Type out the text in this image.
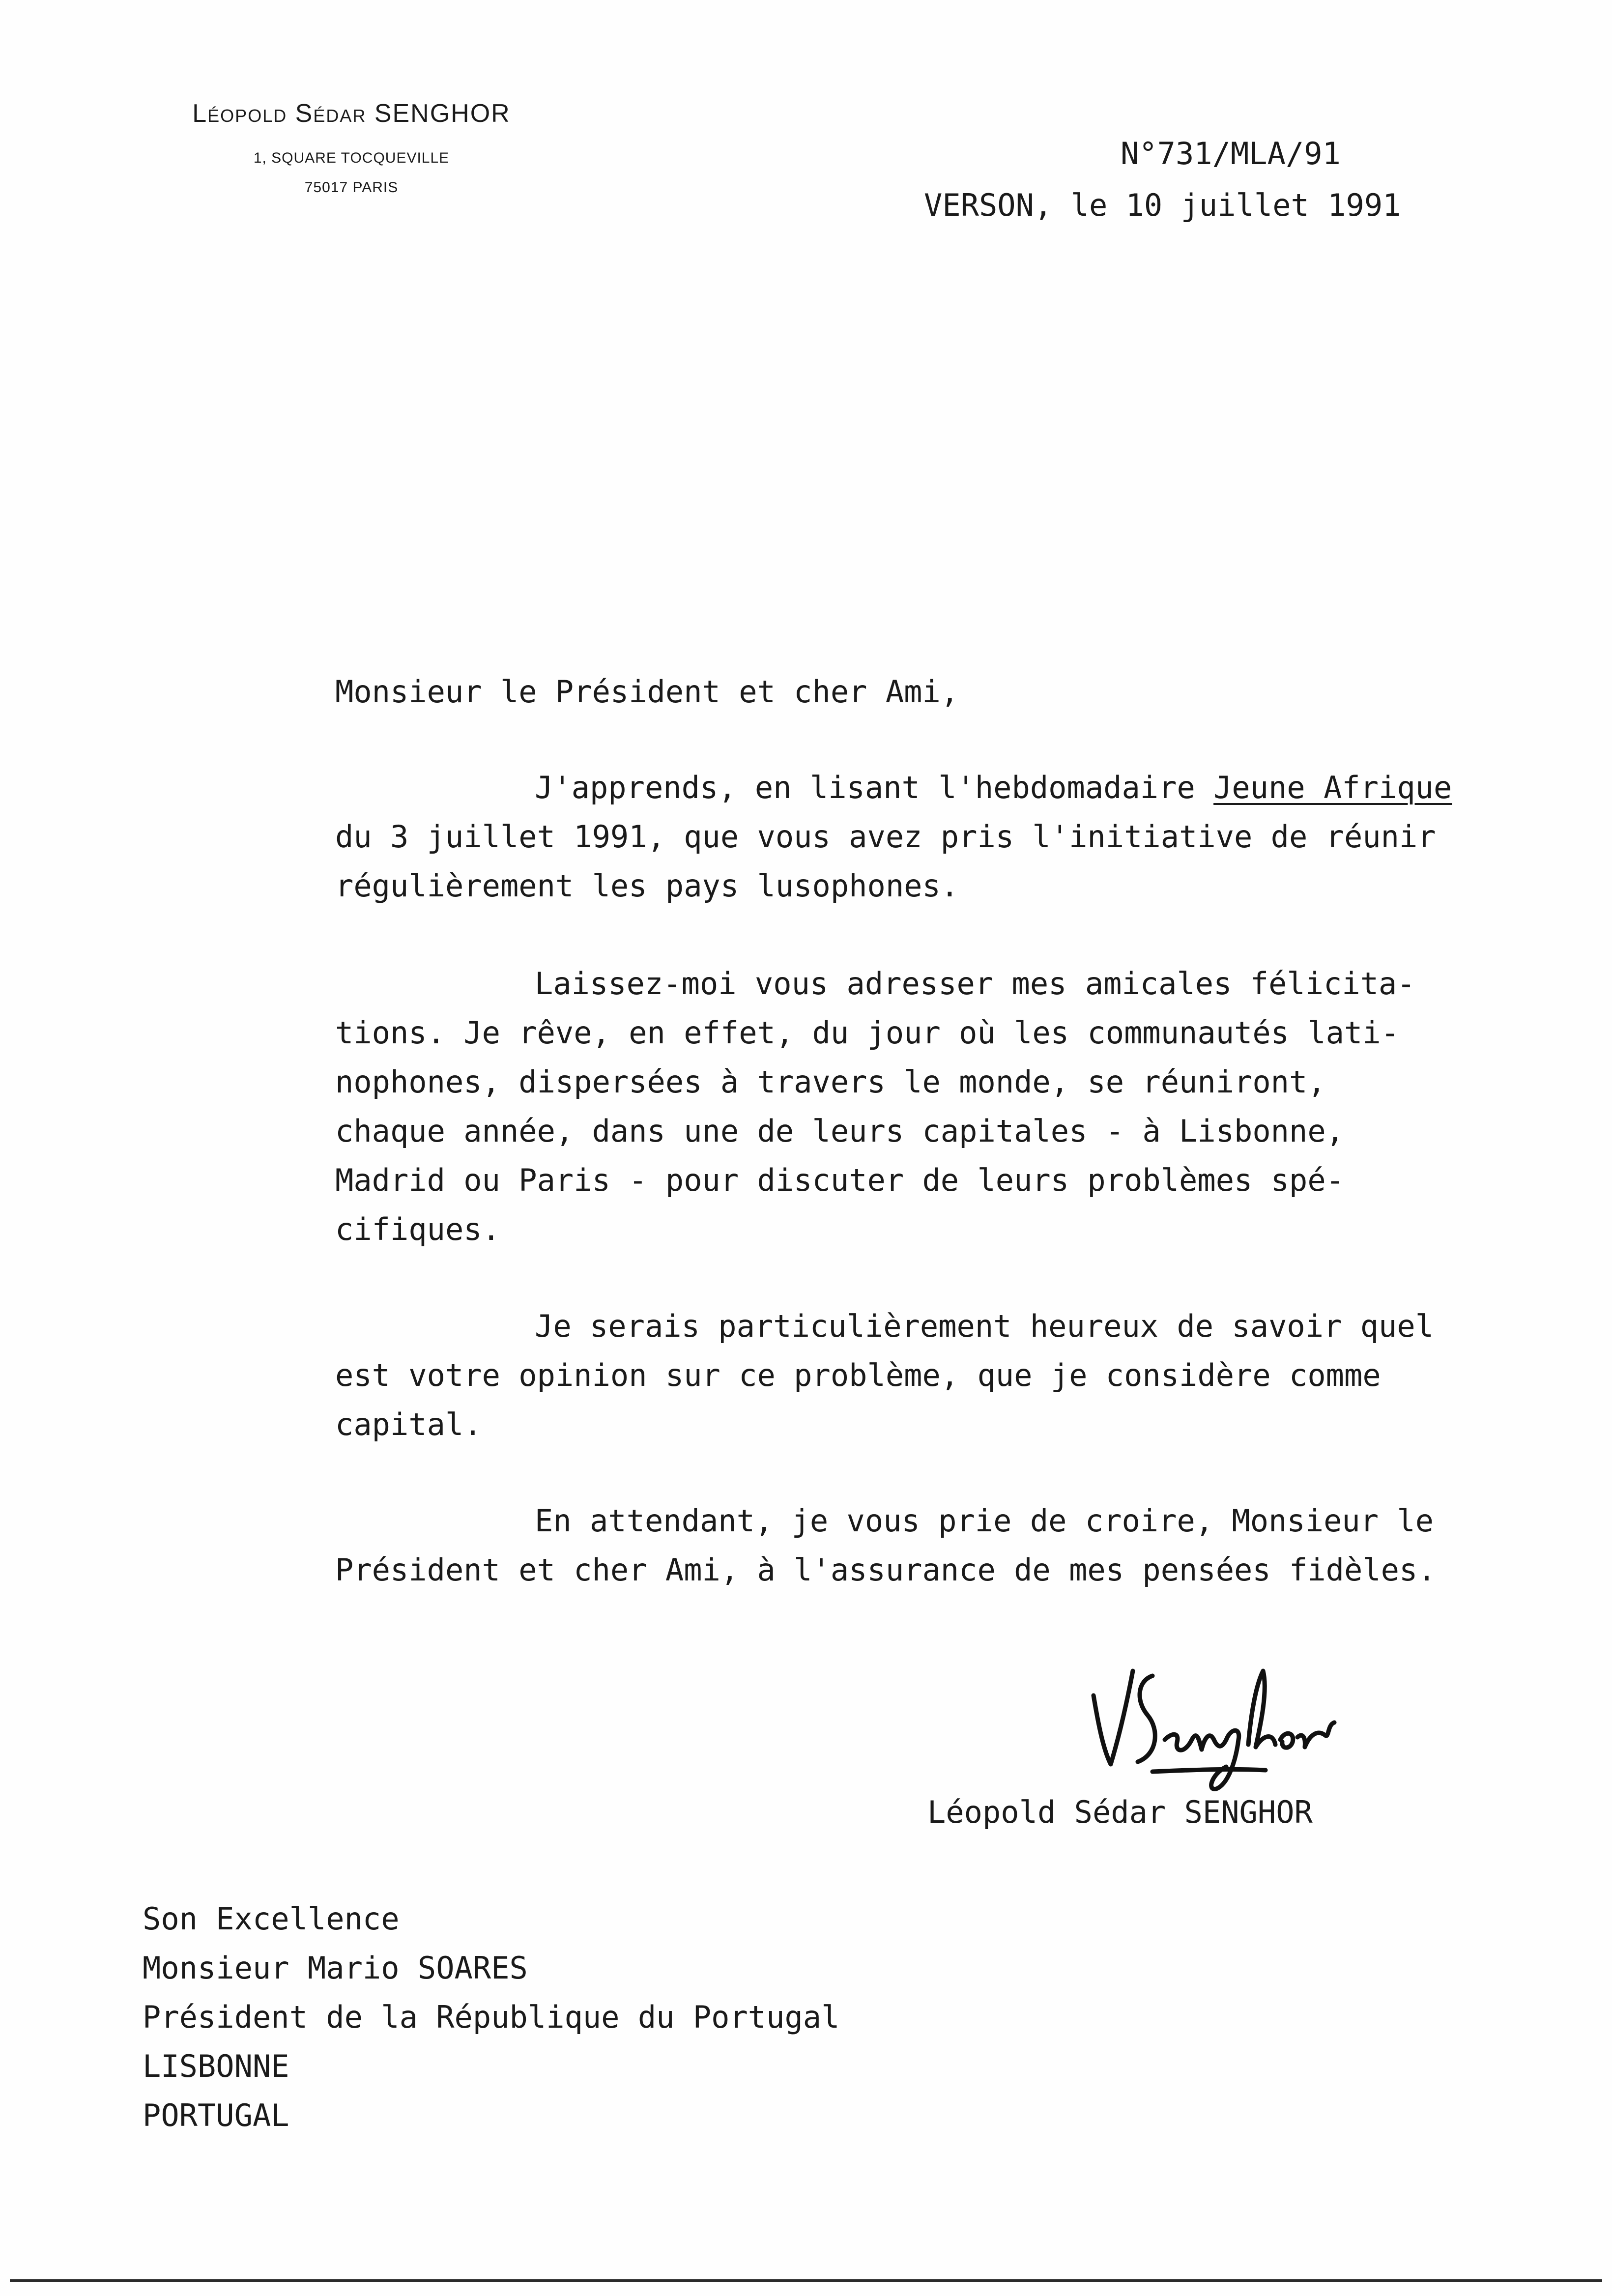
Léopold Sédar SENGHOR
1, SQUARE TOCQUEVILLE
75017 PARIS
N°731/MLA/91
VERSON, le 10 juillet 1991
Monsieur le Président et cher Ami,
J'apprends, en lisant l'hebdomadaire Jeune Afrique
du 3 juillet 1991, que vous avez pris l'initiative de réunir
régulièrement les pays lusophones.
Laissez-moi vous adresser mes amicales félicita-
tions. Je rêve, en effet, du jour où les communautés lati-
nophones, dispersées à travers le monde, se réuniront,
chaque année, dans une de leurs capitales - à Lisbonne,
Madrid ou Paris - pour discuter de leurs problèmes spé-
cifiques.
Je serais particulièrement heureux de savoir quel
est votre opinion sur ce problème, que je considère comme
capital.
En attendant, je vous prie de croire, Monsieur le
Président et cher Ami, à l'assurance de mes pensées fidèles.
Léopold Sédar SENGHOR
Son Excellence
Monsieur Mario SOARES
Président de la République du Portugal
LISBONNE
PORTUGAL
